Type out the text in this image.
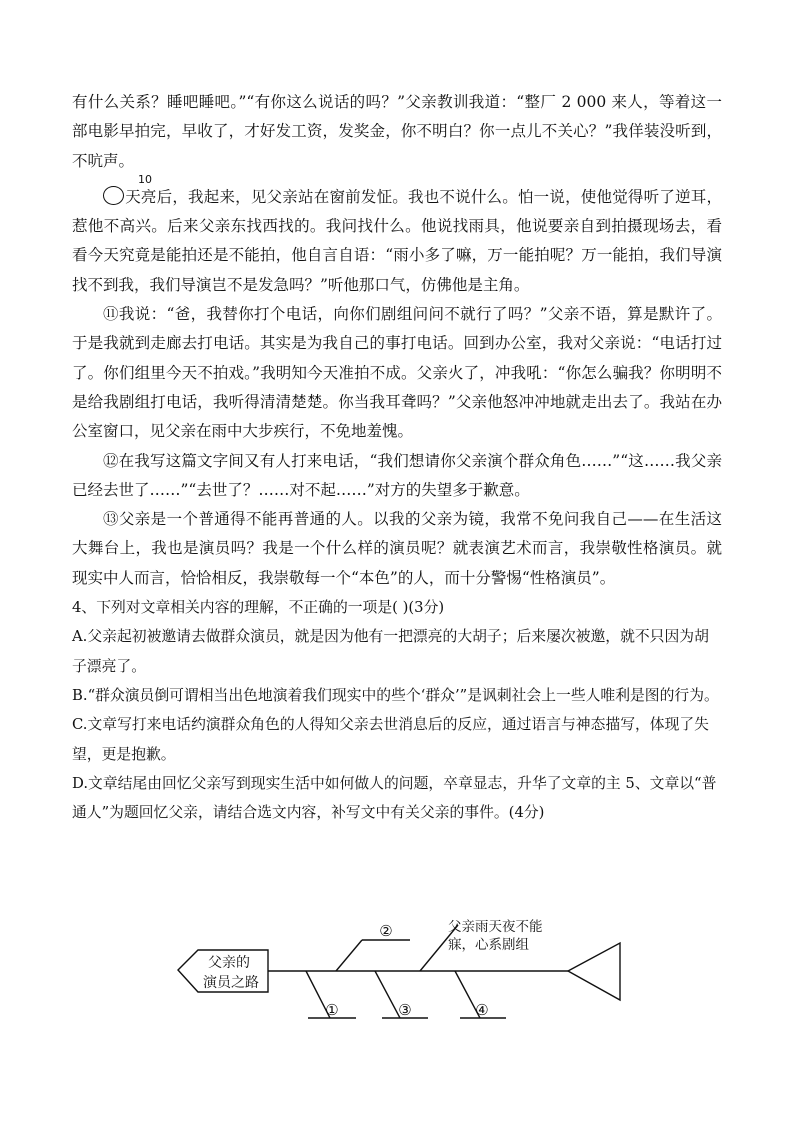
有什么关系？睡吧睡吧。”“有你这么说话的吗？”父亲教训我道：“整厂 2 000 来人，等着这一部电影早拍完，早收了，才好发工资，发奖金，你不明白？你一点儿不关心？”我佯装没听到，不吭声。

10
天亮后，我起来，见父亲站在窗前发怔。我也不说什么。怕一说，使他觉得听了逆耳，惹他不高兴。后来父亲东找西找的。我问找什么。他说找雨具，他说要亲自到拍摄现场去，看看今天究竟是能拍还是不能拍，他自言自语：“雨小多了嘛，万一能拍呢？万一能拍，我们导演找不到我，我们导演岂不是发急吗？”听他那口气，仿佛他是主角。

⑪我说：“爸，我替你打个电话，向你们剧组问问不就行了吗？”父亲不语，算是默许了。于是我就到走廊去打电话。其实是为我自己的事打电话。回到办公室，我对父亲说：“电话打过了。你们组里今天不拍戏。”我明知今天准拍不成。父亲火了，冲我吼：“你怎么骗我？你明明不是给我剧组打电话，我听得清清楚楚。你当我耳聋吗？”父亲他怒冲冲地就走出去了。我站在办公室窗口，见父亲在雨中大步疾行，不免地羞愧。

⑫在我写这篇文字间又有人打来电话，“我们想请你父亲演个群众角色……”“这……我父亲已经去世了……”“去世了？……对不起……”对方的失望多于歉意。

⑬父亲是一个普通得不能再普通的人。以我的父亲为镜，我常不免问我自己——在生活这大舞台上，我也是演员吗？我是一个什么样的演员呢？就表演艺术而言，我崇敬性格演员。就现实中人而言，恰恰相反，我崇敬每一个“本色”的人，而十分警惕“性格演员”。

4、下列对文章相关内容的理解，不正确的一项是( )(3分)

A.父亲起初被邀请去做群众演员，就是因为他有一把漂亮的大胡子；后来屡次被邀，就不只因为胡子漂亮了。

B.“群众演员倒可谓相当出色地演着我们现实中的些个‘群众’”是讽刺社会上一些人唯利是图的行为。

C.文章写打来电话约演群众角色的人得知父亲去世消息后的反应，通过语言与神态描写，体现了失望，更是抱歉。

D.文章结尾由回忆父亲写到现实生活中如何做人的问题，卒章显志，升华了文章的主 5、文章以“普通人”为题回忆父亲，请结合选文内容，补写文中有关父亲的事件。(4分)

父亲的
演员之路
父亲雨天夜不能
寐，心系剧组
②
①	③	④
